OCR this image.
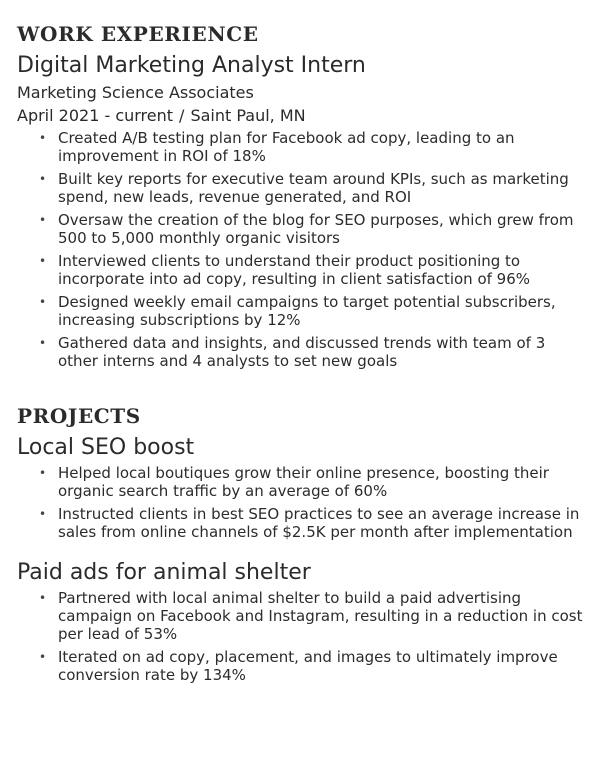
WORK EXPERIENCE
Digital Marketing Analyst Intern
Marketing Science Associates
April 2021 - current / Saint Paul, MN
• Created A/B testing plan for Facebook ad copy, leading to an improvement in ROI of 18%
• Built key reports for executive team around KPIs, such as marketing spend, new leads, revenue generated, and ROI
• Oversaw the creation of the blog for SEO purposes, which grew from 500 to 5,000 monthly organic visitors
• Interviewed clients to understand their product positioning to incorporate into ad copy, resulting in client satisfaction of 96%
• Designed weekly email campaigns to target potential subscribers, increasing subscriptions by 12%
• Gathered data and insights, and discussed trends with team of 3 other interns and 4 analysts to set new goals
PROJECTS
Local SEO boost
• Helped local boutiques grow their online presence, boosting their organic search traffic by an average of 60%
• Instructed clients in best SEO practices to see an average increase in sales from online channels of $2.5K per month after implementation
Paid ads for animal shelter
• Partnered with local animal shelter to build a paid advertising campaign on Facebook and Instagram, resulting in a reduction in cost per lead of 53%
• Iterated on ad copy, placement, and images to ultimately improve conversion rate by 134%
